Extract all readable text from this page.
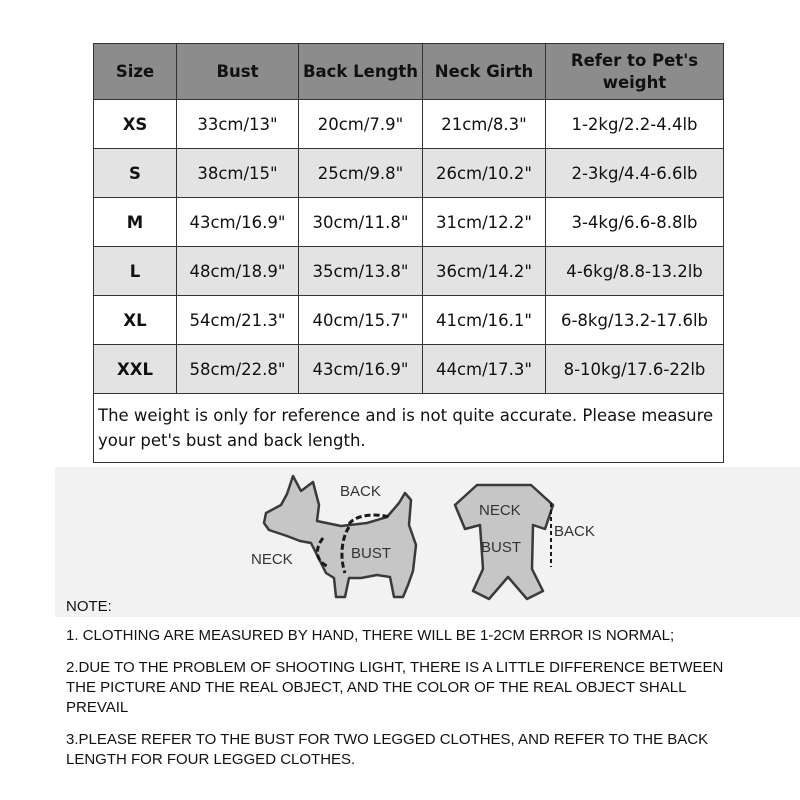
Size	Bust	Back Length	Neck Girth	Refer to Pet's weight
XS	33cm/13"	20cm/7.9"	21cm/8.3"	1-2kg/2.2-4.4lb
S	38cm/15"	25cm/9.8"	26cm/10.2"	2-3kg/4.4-6.6lb
M	43cm/16.9"	30cm/11.8"	31cm/12.2"	3-4kg/6.6-8.8lb
L	48cm/18.9"	35cm/13.8"	36cm/14.2"	4-6kg/8.8-13.2lb
XL	54cm/21.3"	40cm/15.7"	41cm/16.1"	6-8kg/13.2-17.6lb
XXL	58cm/22.8"	43cm/16.9"	44cm/17.3"	8-10kg/17.6-22lb
The weight is only for reference and is not quite accurate. Please measure your pet's bust and back length.				
BACK
NECK	BUST
NECK
BACK
BUST

NOTE:

1. CLOTHING ARE MEASURED BY HAND, THERE WILL BE 1-2CM ERROR IS NORMAL;

2.DUE TO THE PROBLEM OF SHOOTING LIGHT, THERE IS A LITTLE DIFFERENCE BETWEEN THE PICTURE AND THE REAL OBJECT, AND THE COLOR OF THE REAL OBJECT SHALL PREVAIL

3.PLEASE REFER TO THE BUST FOR TWO LEGGED CLOTHES, AND REFER TO THE BACK LENGTH FOR FOUR LEGGED CLOTHES.
